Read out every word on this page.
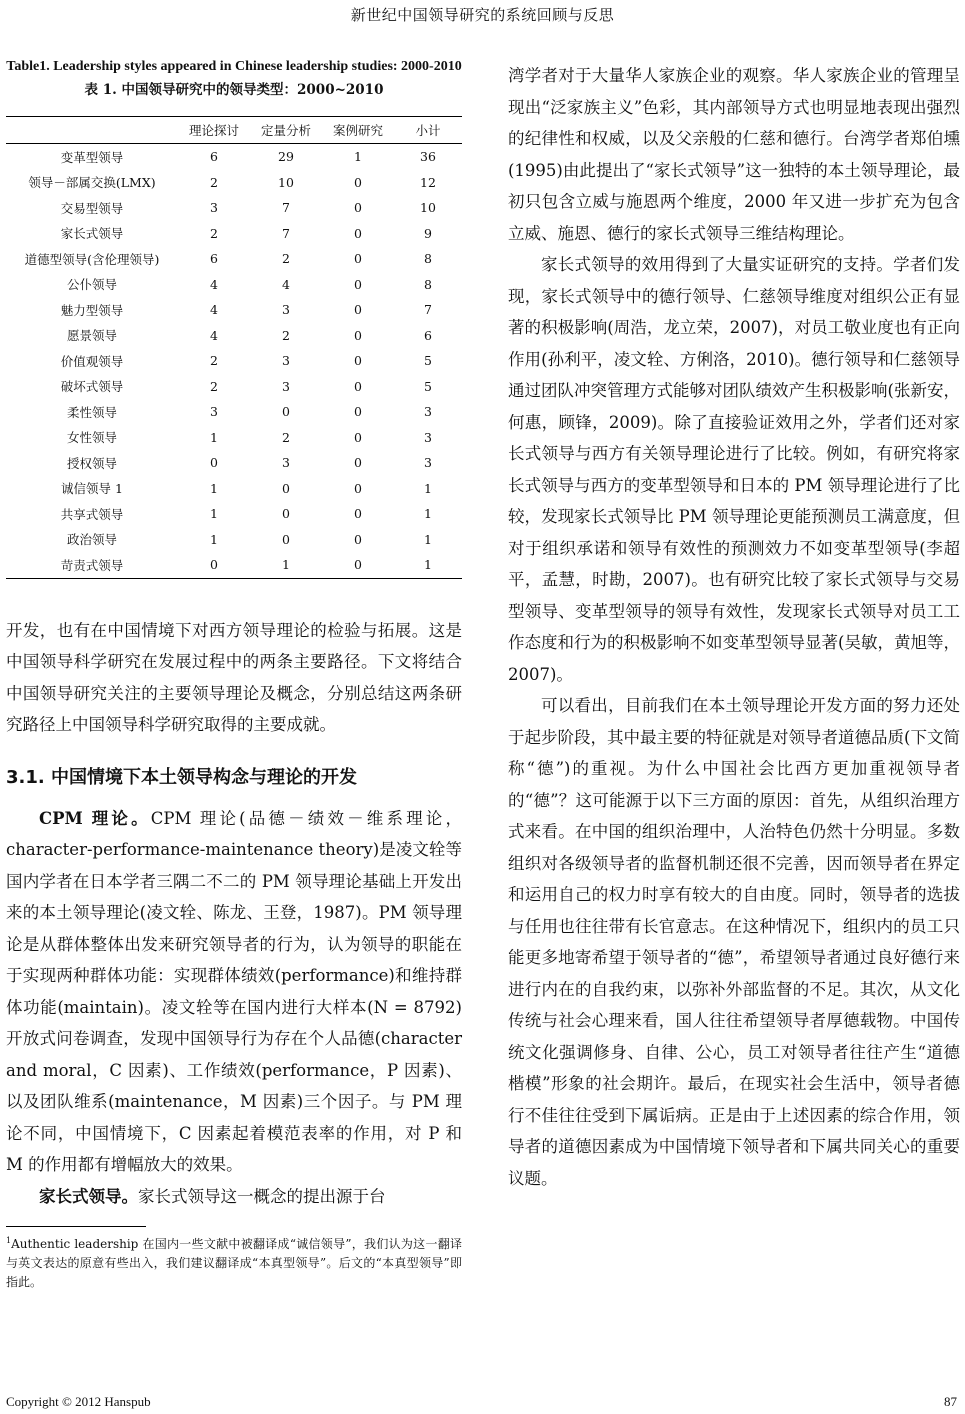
新世纪中国领导研究的系统回顾与反思
Table1. Leadership styles appeared in Chinese leadership studies: 2000-2010
表 1. 中国领导研究中的领导类型：2000~2010
	理论探讨	定量分析	案例研究	小计
变革型领导	6	29	1	36
领导－部属交换(LMX)	2	10	0	12
交易型领导	3	7	0	10
家长式领导	2	7	0	9
道德型领导(含伦理领导)	6	2	0	8
公仆领导	4	4	0	8
魅力型领导	4	3	0	7
愿景领导	4	2	0	6
价值观领导	2	3	0	5
破坏式领导	2	3	0	5
柔性领导	3	0	0	3
女性领导	1	2	0	3
授权领导	0	3	0	3
诚信领导 1	1	0	0	1
共享式领导	1	0	0	1
政治领导	1	0	0	1
苛责式领导	0	1	0	1

开发，也有在中国情境下对西方领导理论的检验与拓展。这是中国领导科学研究在发展过程中的两条主要路径。下文将结合中国领导研究关注的主要领导理论及概念，分别总结这两条研究路径上中国领导科学研究取得的主要成就。

3.1. 中国情境下本土领导构念与理论的开发

CPM 理论。CPM 理论(品德－绩效－维系理论，character-performance-maintenance theory)是凌文辁等国内学者在日本学者三隅二不二的 PM 领导理论基础上开发出来的本土领导理论(凌文辁、陈龙、王登，1987)。PM 领导理论是从群体整体出发来研究领导者的行为，认为领导的职能在于实现两种群体功能：实现群体绩效(performance)和维持群体功能(maintain)。凌文辁等在国内进行大样本(N = 8792)开放式问卷调查，发现中国领导行为存在个人品德(character and moral，C 因素)、工作绩效(performance，P 因素)、以及团队维系(maintenance，M 因素)三个因子。与 PM 理论不同，中国情境下，C 因素起着模范表率的作用，对 P 和 M 的作用都有增幅放大的效果。

家长式领导。家长式领导这一概念的提出源于台

$^1$Authentic leadership 在国内一些文献中被翻译成“诚信领导”，我们认为这一翻译与英文表达的原意有些出入，我们建议翻译成“本真型领导”。后文的“本真型领导”即指此。

湾学者对于大量华人家族企业的观察。华人家族企业的管理呈现出“泛家族主义”色彩，其内部领导方式也明显地表现出强烈的纪律性和权威，以及父亲般的仁慈和德行。台湾学者郑伯壎(1995)由此提出了“家长式领导”这一独特的本土领导理论，最初只包含立威与施恩两个维度，2000 年又进一步扩充为包含立威、施恩、德行的家长式领导三维结构理论。

家长式领导的效用得到了大量实证研究的支持。学者们发现，家长式领导中的德行领导、仁慈领导维度对组织公正有显著的积极影响(周浩，龙立荣，2007)，对员工敬业度也有正向作用(孙利平，凌文辁、方俐洛，2010)。德行领导和仁慈领导通过团队冲突管理方式能够对团队绩效产生积极影响(张新安，何惠，顾锋，2009)。除了直接验证效用之外，学者们还对家长式领导与西方有关领导理论进行了比较。例如，有研究将家长式领导与西方的变革型领导和日本的 PM 领导理论进行了比较，发现家长式领导比 PM 领导理论更能预测员工满意度，但对于组织承诺和领导有效性的预测效力不如变革型领导(李超平，孟慧，时勘，2007)。也有研究比较了家长式领导与交易型领导、变革型领导的领导有效性，发现家长式领导对员工工作态度和行为的积极影响不如变革型领导显著(吴敏，黄旭等，2007)。

可以看出，目前我们在本土领导理论开发方面的努力还处于起步阶段，其中最主要的特征就是对领导者道德品质(下文简称“德”)的重视。为什么中国社会比西方更加重视领导者的“德”？这可能源于以下三方面的原因：首先，从组织治理方式来看。在中国的组织治理中，人治特色仍然十分明显。多数组织对各级领导者的监督机制还很不完善，因而领导者在界定和运用自己的权力时享有较大的自由度。同时，领导者的选拔与任用也往往带有长官意志。在这种情况下，组织内的员工只能更多地寄希望于领导者的“德”，希望领导者通过良好德行来进行内在的自我约束，以弥补外部监督的不足。其次，从文化传统与社会心理来看，国人往往希望领导者厚德载物。中国传统文化强调修身、自律、公心，员工对领导者往往产生“道德楷模”形象的社会期许。最后，在现实社会生活中，领导者德行不佳往往受到下属诟病。正是由于上述因素的综合作用，领导者的道德因素成为中国情境下领导者和下属共同关心的重要议题。

Copyright © 2012 Hanspub	87
